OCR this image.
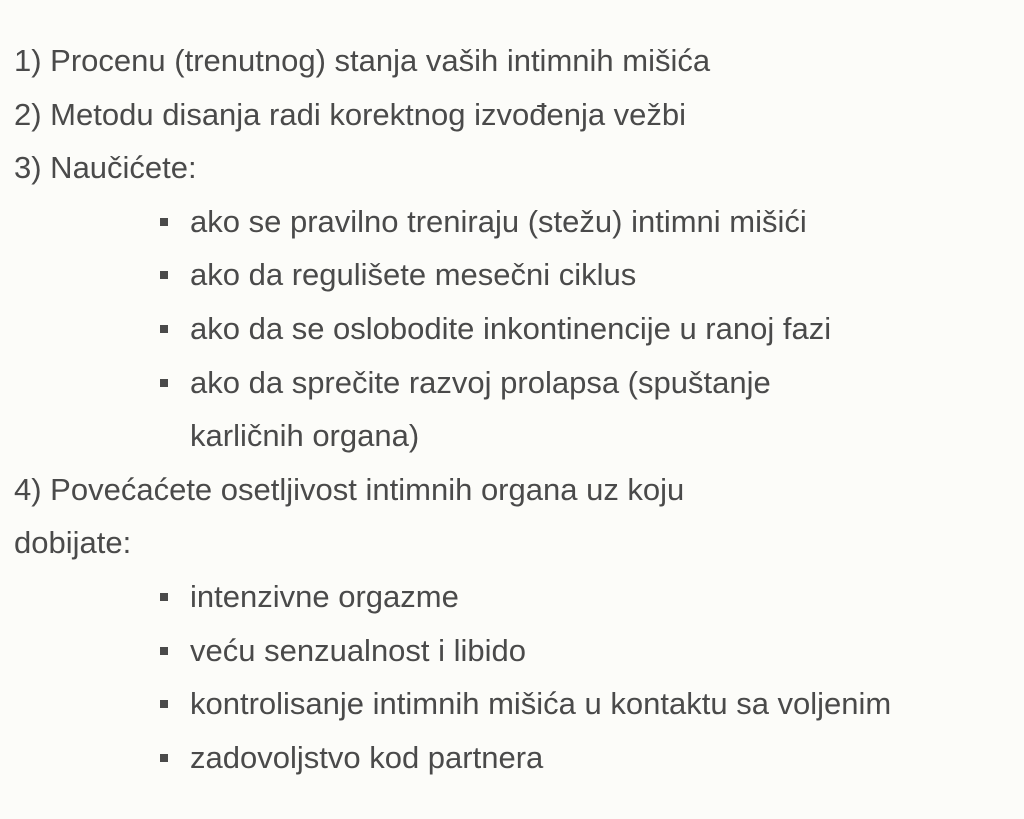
1) Procenu (trenutnog) stanja vaših intimnih mišića

2) Metodu disanja radi korektnog izvođenja vežbi

3) Naučićete:

ako se pravilno treniraju (stežu) intimni mišići
ako da regulišete mesečni ciklus
ako da se oslobodite inkontinencije u ranoj fazi
ako da sprečite razvoj prolapsa (spuštanje karličnih organa)

4) Povećaćete osetljivost intimnih organa uz koju dobijate:

intenzivne orgazme
veću senzualnost i libido
kontrolisanje intimnih mišića u kontaktu sa voljenim
zadovoljstvo kod partnera
